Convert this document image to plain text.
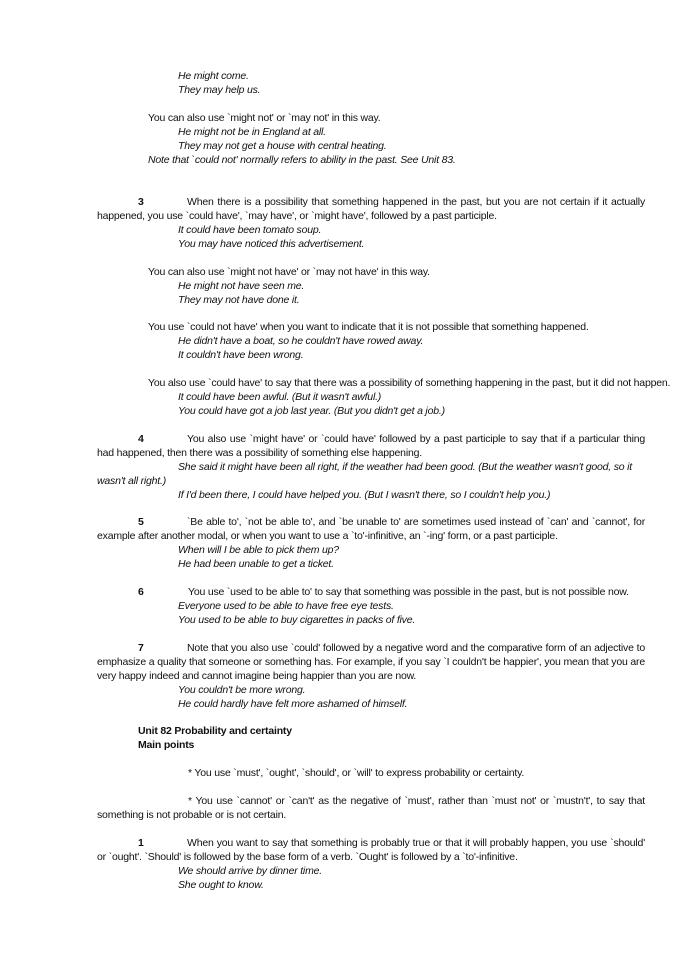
He might come.
They may help us.
You can also use `might not' or `may not' in this way.
He might not be in England at all.
They may not get a house with central heating.
Note that `could not' normally refers to ability in the past. See Unit 83.
3	When there is a possibility that something happened in the past, but you are not certain if it actually happened, you use `could have', `may have', or `might have', followed by a past participle.
It could have been tomato soup.
You may have noticed this advertisement.
You can also use `might not have' or `may not have' in this way.
He might not have seen me.
They may not have done it.
You use `could not have' when you want to indicate that it is not possible that something happened.
He didn't have a boat, so he couldn't have rowed away.
It couldn't have been wrong.
You also use `could have' to say that there was a possibility of something happening in the past, but it did not happen.
It could have been awful. (But it wasn't awful.)
You could have got a job last year. (But you didn't get a job.)
4	You also use `might have' or `could have' followed by a past participle to say that if a particular thing had happened, then there was a possibility of something else happening.
She said it might have been all right, if the weather had been good. (But the weather wasn't good, so it wasn't all right.)
If I'd been there, I could have helped you. (But I wasn't there, so I couldn't help you.)
5	`Be able to', `not be able to', and `be unable to' are sometimes used instead of `can' and `cannot', for example after another modal, or when you want to use a `to'-infinitive, an `-ing' form, or a past participle.
When will I be able to pick them up?
He had been unable to get a ticket.
6	You use `used to be able to' to say that something was possible in the past, but is not possible now.
Everyone used to be able to have free eye tests.
You used to be able to buy cigarettes in packs of five.
7	Note that you also use `could' followed by a negative word and the comparative form of an adjective to emphasize a quality that someone or something has. For example, if you say `I couldn't be happier', you mean that you are very happy indeed and cannot imagine being happier than you are now.
You couldn't be more wrong.
He could hardly have felt more ashamed of himself.
Unit 82 Probability and certainty
Main points
* You use `must', `ought', `should', or `will' to express probability or certainty.
* You use `cannot' or `can't' as the negative of `must', rather than `must not' or `mustn't', to say that something is not probable or is not certain.
1	When you want to say that something is probably true or that it will probably happen, you use `should' or `ought'. `Should' is followed by the base form of a verb. `Ought' is followed by a `to'-infinitive.
We should arrive by dinner time.
She ought to know.
